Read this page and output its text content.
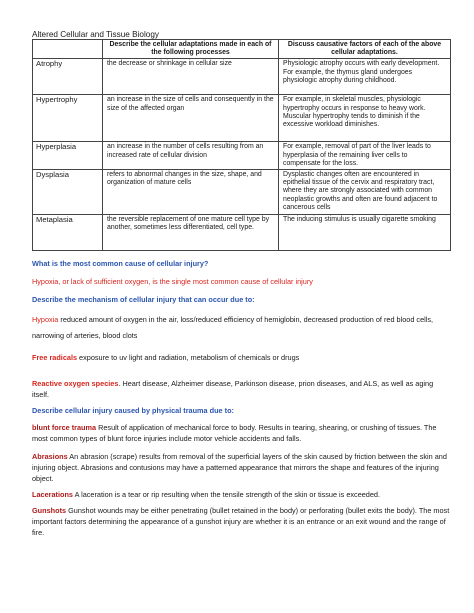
Altered Cellular and Tissue Biology
	Describe the cellular adaptations made in each of the following processes	Discuss causative factors of each of the above cellular adaptations.
Atrophy	the decrease or shrinkage in cellular size	Physiologic atrophy occurs with early development. For example, the thymus gland undergoes physiologic atrophy during childhood.
Hypertrophy	an increase in the size of cells and consequently in the size of the affected organ	For example, in skeletal muscles, physiologic hypertrophy occurs in response to heavy work. Muscular hypertrophy tends to diminish if the excessive workload diminishes.
Hyperplasia	an increase in the number of cells resulting from an increased rate of cellular division	For example, removal of part of the liver leads to hyperplasia of the remaining liver cells to compensate for the loss.
Dysplasia	refers to abnormal changes in the size, shape, and organization of mature cells	Dysplastic changes often are encountered in epithelial tissue of the cervix and respiratory tract, where they are strongly associated with common neoplastic growths and often are found adjacent to cancerous cells
Metaplasia	the reversible replacement of one mature cell type by another, sometimes less differentiated, cell type.	The inducing stimulus is usually cigarette smoking
What is the most common cause of cellular injury?
Hypoxia, or lack of sufficient oxygen, is the single most common cause of cellular injury
Describe the mechanism of cellular injury that can occur due to:
Hypoxia reduced amount of oxygen in the air, loss/reduced efficiency of hemiglobin, decreased production of red blood cells, narrowing of arteries, blood clots
Free radicals exposure to uv light and radiation, metabolism of chemicals or drugs
Reactive oxygen species. Heart disease, Alzheimer disease, Parkinson disease, prion diseases, and ALS, as well as aging itself.
Describe cellular injury caused by physical trauma due to:
blunt force trauma Result of application of mechanical force to body. Results in tearing, shearing, or crushing of tissues. The most common types of blunt force injuries include motor vehicle accidents and falls.
Abrasions An abrasion (scrape) results from removal of the superficial layers of the skin caused by friction between the skin and injuring object. Abrasions and contusions may have a patterned appearance that mirrors the shape and features of the injuring object.
Lacerations A laceration is a tear or rip resulting when the tensile strength of the skin or tissue is exceeded.
Gunshots Gunshot wounds may be either penetrating (bullet retained in the body) or perforating (bullet exits the body). The most important factors determining the appearance of a gunshot injury are whether it is an entrance or an exit wound and the range of fire.
